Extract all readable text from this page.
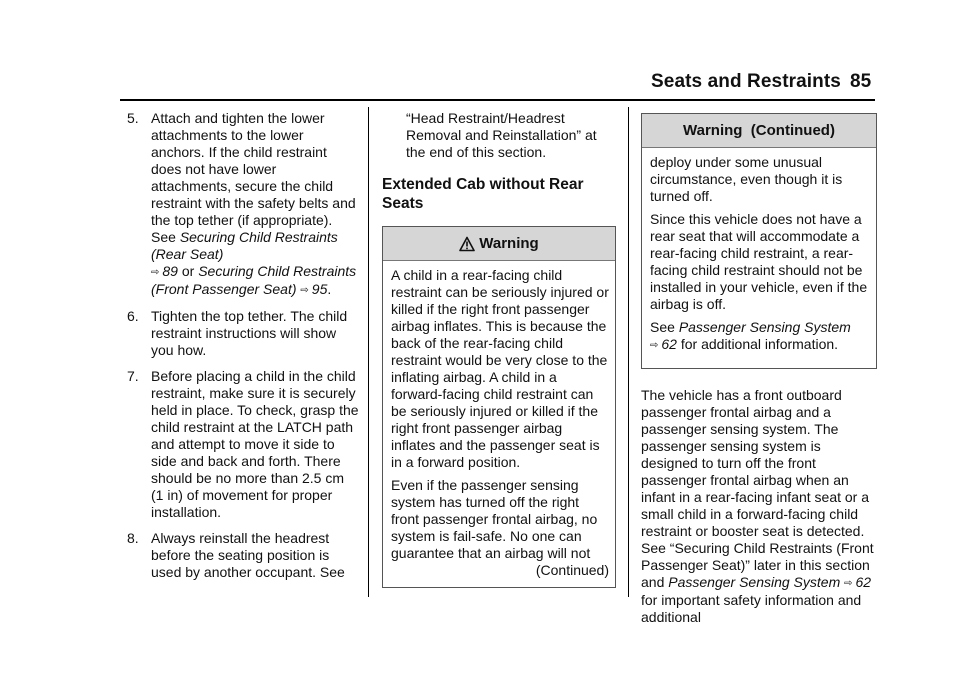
Seats and Restraints 85
5. Attach and tighten the lower attachments to the lower anchors. If the child restraint does not have lower attachments, secure the child restraint with the safety belts and the top tether (if appropriate). See Securing Child Restraints (Rear Seat)
⇨ 89 or Securing Child Restraints (Front Passenger Seat) ⇨ 95.
6. Tighten the top tether. The child restraint instructions will show you how.
7. Before placing a child in the child restraint, make sure it is securely held in place. To check, grasp the child restraint at the LATCH path and attempt to move it side to side and back and forth. There should be no more than 2.5 cm (1 in) of movement for proper installation.
8. Always reinstall the headrest before the seating position is used by another occupant. See
“Head Restraint/Headrest Removal and Reinstallation” at the end of this section.
Extended Cab without Rear Seats
Warning

A child in a rear-facing child restraint can be seriously injured or killed if the right front passenger airbag inflates. This is because the back of the rear-facing child restraint would be very close to the inflating airbag. A child in a forward-facing child restraint can be seriously injured or killed if the right front passenger airbag inflates and the passenger seat is in a forward position.

Even if the passenger sensing system has turned off the right front passenger frontal airbag, no system is fail-safe. No one can guarantee that an airbag will not

(Continued)
Warning  (Continued)

deploy under some unusual circumstance, even though it is turned off.

Since this vehicle does not have a rear seat that will accommodate a rear-facing child restraint, a rear-facing child restraint should not be installed in your vehicle, even if the airbag is off.

See Passenger Sensing System
⇨ 62 for additional information.

The vehicle has a front outboard passenger frontal airbag and a passenger sensing system. The passenger sensing system is designed to turn off the front passenger frontal airbag when an infant in a rear-facing infant seat or a small child in a forward-facing child restraint or booster seat is detected. See “Securing Child Restraints (Front Passenger Seat)” later in this section and Passenger Sensing System ⇨ 62 for important safety information and additional
